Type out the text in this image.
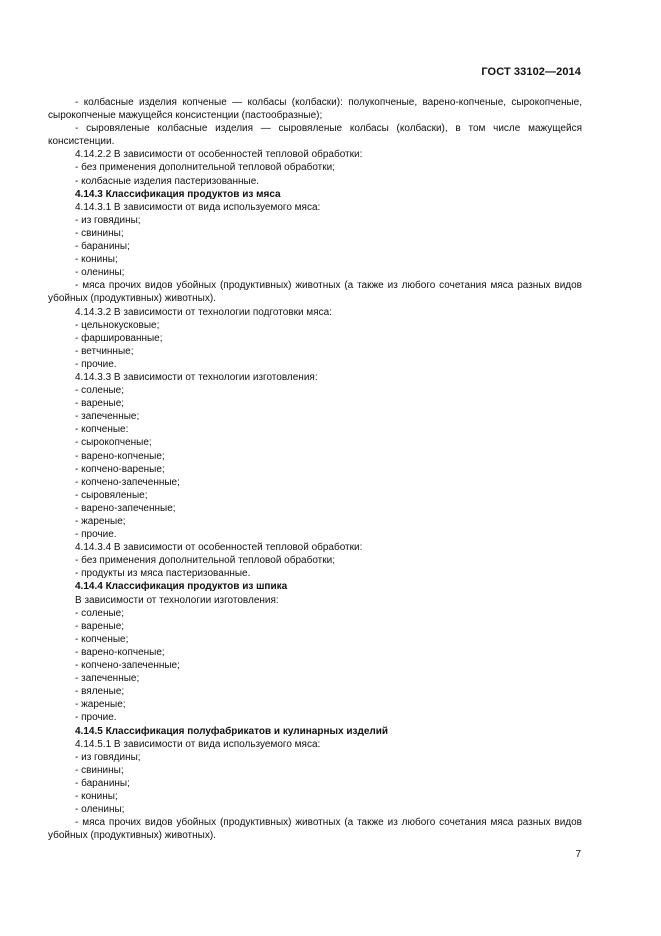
ГОСТ 33102—2014

- колбасные изделия копченые — колбасы (колбаски): полукопченые, варено-копченые, сырокопченые, сырокопченые мажущейся консистенции (пастообразные);

- сыровяленые колбасные изделия — сыровяленые колбасы (колбаски), в том числе мажущейся консистенции.

4.14.2.2 В зависимости от особенностей тепловой обработки:

- без применения дополнительной тепловой обработки;

- колбасные изделия пастеризованные.

4.14.3 Классификация продуктов из мяса

4.14.3.1 В зависимости от вида используемого мяса:

- из говядины;

- свинины;

- баранины;

- конины;

- оленины;

- мяса прочих видов убойных (продуктивных) животных (а также из любого сочетания мяса разных видов убойных (продуктивных) животных).

4.14.3.2 В зависимости от технологии подготовки мяса:

- цельнокусковые;

- фаршированные;

- ветчинные;

- прочие.

4.14.3.3 В зависимости от технологии изготовления:

- соленые;

- вареные;

- запеченные;

- копченые:

- сырокопченые;

- варено-копченые;

- копчено-вареные;

- копчено-запеченные;

- сыровяленые;

- варено-запеченные;

- жареные;

- прочие.

4.14.3.4 В зависимости от особенностей тепловой обработки:

- без применения дополнительной тепловой обработки;

- продукты из мяса пастеризованные.

4.14.4 Классификация продуктов из шпика

В зависимости от технологии изготовления:

- соленые;

- вареные;

- копченые;

- варено-копченые;

- копчено-запеченные;

- запеченные;

- вяленые;

- жареные;

- прочие.

4.14.5 Классификация полуфабрикатов и кулинарных изделий

4.14.5.1 В зависимости от вида используемого мяса:

- из говядины;

- свинины;

- баранины;

- конины;

- оленины;

- мяса прочих видов убойных (продуктивных) животных (а также из любого сочетания мяса разных видов убойных (продуктивных) животных).

7
